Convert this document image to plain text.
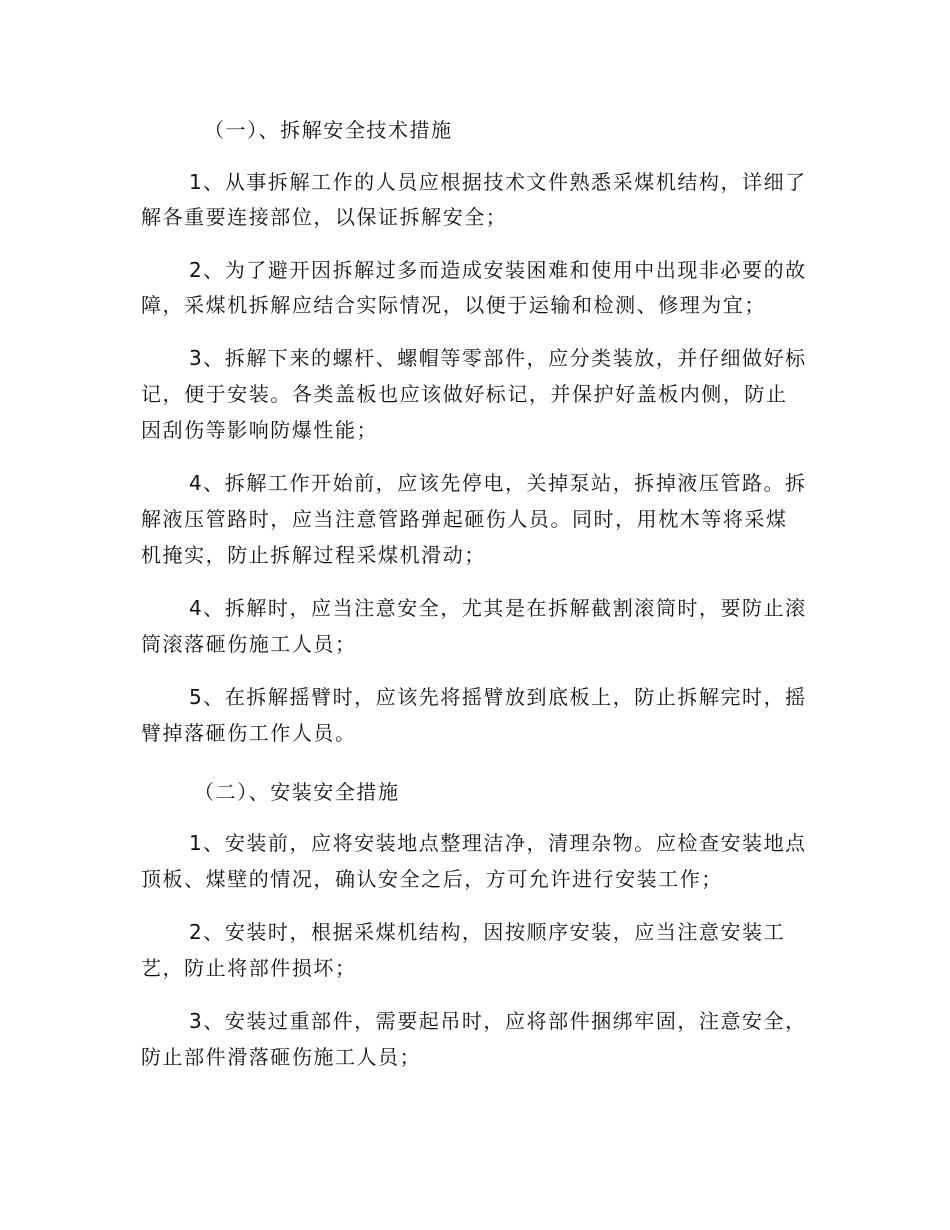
（一）、拆解安全技术措施
1、从事拆解工作的人员应根据技术文件熟悉采煤机结构，详细了
解各重要连接部位，以保证拆解安全；
2、为了避开因拆解过多而造成安装困难和使用中出现非必要的故
障，采煤机拆解应结合实际情况，以便于运输和检测、修理为宜；
3、拆解下来的螺杆、螺帽等零部件，应分类装放，并仔细做好标
记，便于安装。各类盖板也应该做好标记，并保护好盖板内侧，防止
因刮伤等影响防爆性能；
4、拆解工作开始前，应该先停电，关掉泵站，拆掉液压管路。拆
解液压管路时，应当注意管路弹起砸伤人员。同时，用枕木等将采煤
机掩实，防止拆解过程采煤机滑动；
4、拆解时，应当注意安全，尤其是在拆解截割滚筒时，要防止滚
筒滚落砸伤施工人员；
5、在拆解摇臂时，应该先将摇臂放到底板上，防止拆解完时，摇
臂掉落砸伤工作人员。
（二）、安装安全措施
1、安装前，应将安装地点整理洁净，清理杂物。应检查安装地点
顶板、煤壁的情况，确认安全之后，方可允许进行安装工作；
2、安装时，根据采煤机结构，因按顺序安装，应当注意安装工
艺，防止将部件损坏；
3、安装过重部件，需要起吊时，应将部件捆绑牢固，注意安全，
防止部件滑落砸伤施工人员；
